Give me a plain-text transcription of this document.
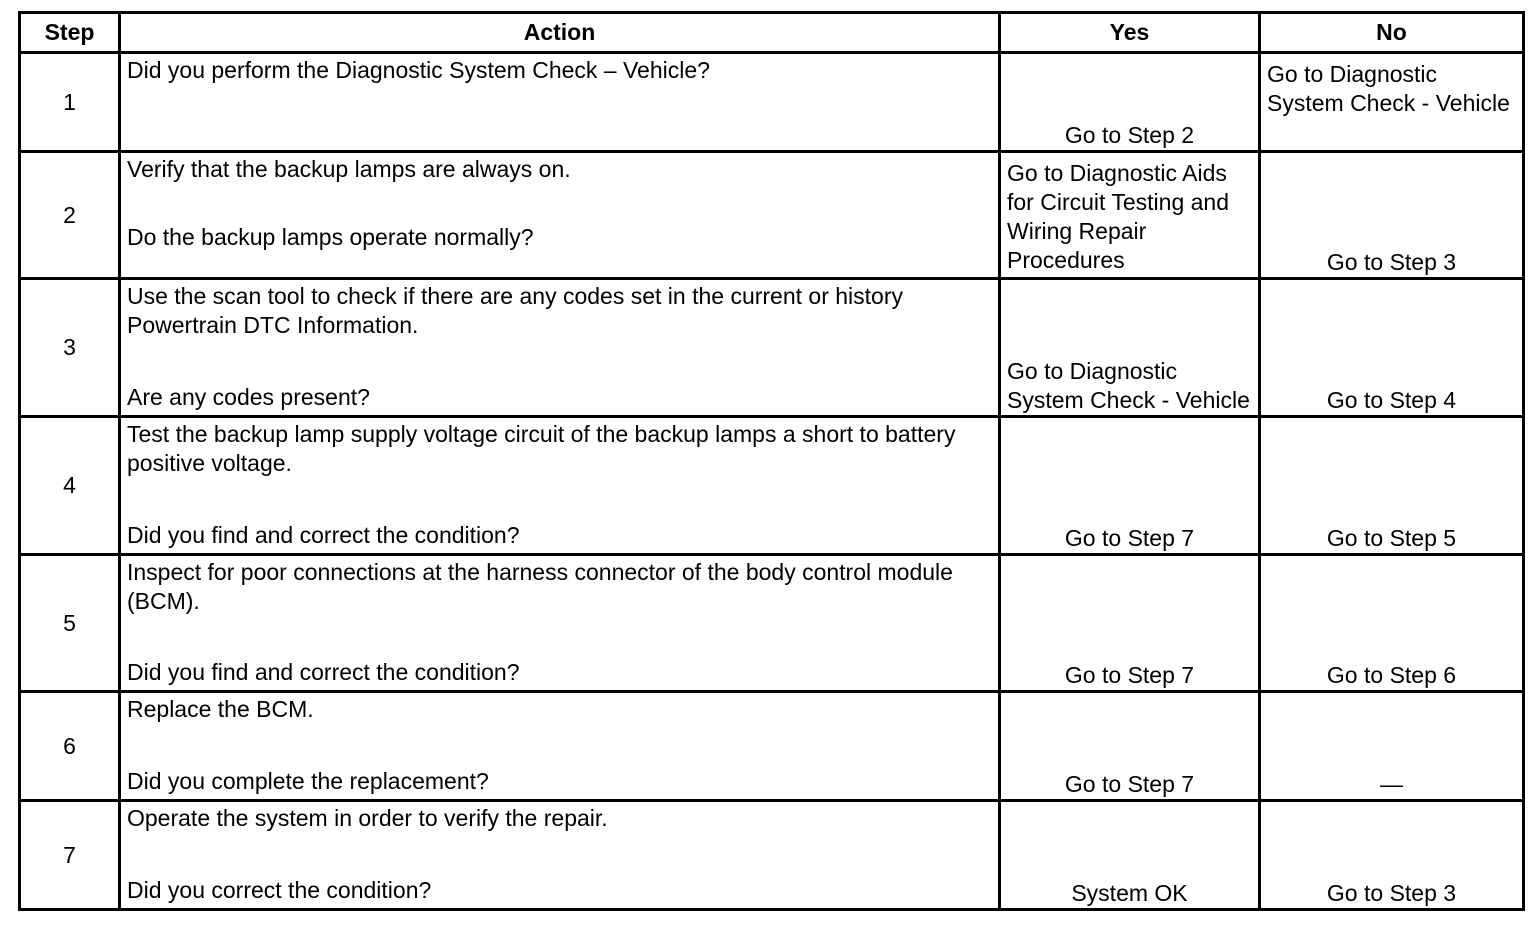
Step	Action	Yes	No
1	Did you perform the Diagnostic System Check – Vehicle?	Go to Step 2	Go to Diagnostic System Check - Vehicle

2	Verify that the backup lamps are always on.
Do the backup lamps operate normally?	Go to Diagnostic Aids for Circuit Testing and Wiring Repair Procedures	Go to Step 3

3	Use the scan tool to check if there are any codes set in the current or history Powertrain DTC Information.
Are any codes present?	Go to Diagnostic System Check - Vehicle	Go to Step 4

4	Test the backup lamp supply voltage circuit of the backup lamps a short to battery positive voltage.
Did you find and correct the condition?	Go to Step 7	Go to Step 5

5	Inspect for poor connections at the harness connector of the body control module (BCM).
Did you find and correct the condition?	Go to Step 7	Go to Step 6

6	Replace the BCM.
Did you complete the replacement?	Go to Step 7	—

7	Operate the system in order to verify the repair.
Did you correct the condition?	System OK	Go to Step 3
